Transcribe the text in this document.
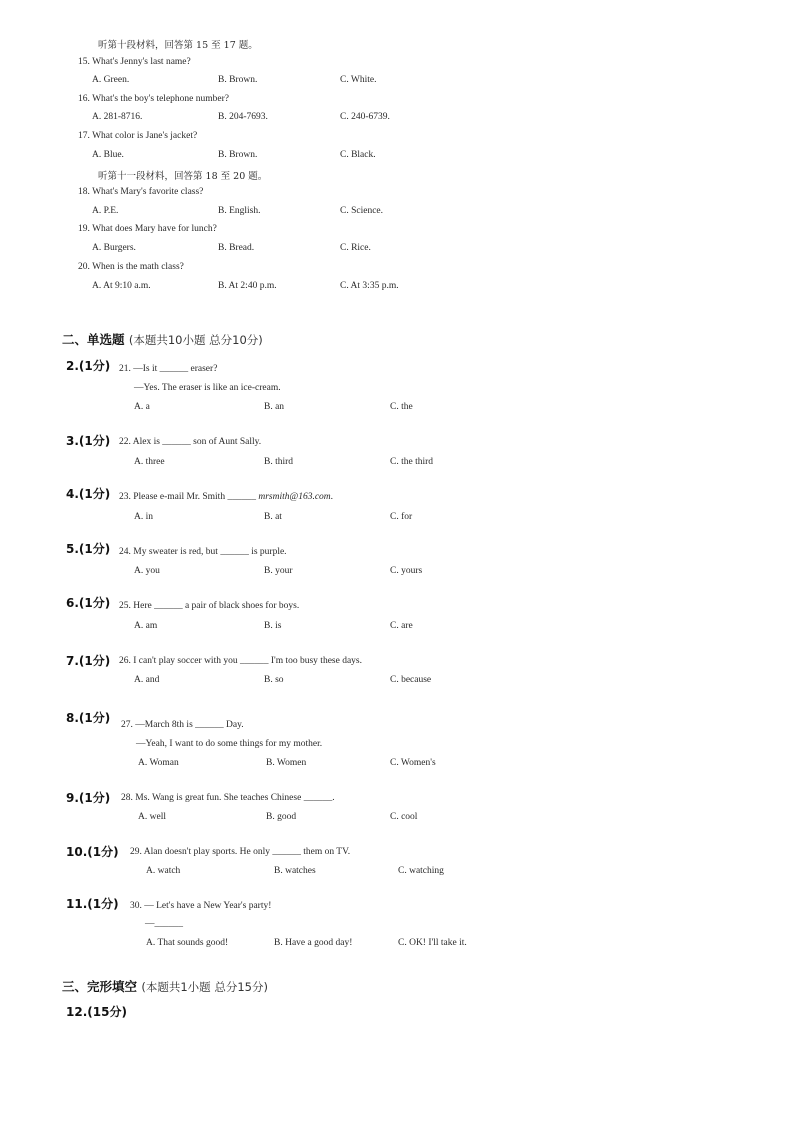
听第十段材料，回答第 15 至 17 题。
15. What's Jenny's last name?
A. Green.	B. Brown.	C. White.
16. What's the boy's telephone number?
A. 281-8716.	B. 204-7693.	C. 240-6739.
17. What color is Jane's jacket?
A. Blue.	B. Brown.	C. Black.
听第十一段材料，回答第 18 至 20 题。
18. What's Mary's favorite class?
A. P.E.	B. English.	C. Science.
19. What does Mary have for lunch?
A. Burgers.	B. Bread.	C. Rice.
20. When is the math class?
A. At 9:10 a.m.	B. At 2:40 p.m.	C. At 3:35 p.m.
二、单选题 (本题共10小题 总分10分)
2.(1分) 21. —Is it ______ eraser?
—Yes. The eraser is like an ice-cream.
A. a	B. an	C. the
3.(1分) 22. Alex is ______ son of Aunt Sally.
A. three	B. third	C. the third
4.(1分) 23. Please e-mail Mr. Smith ______ mrsmith@163.com.
A. in	B. at	C. for
5.(1分) 24. My sweater is red, but ______ is purple.
A. you	B. your	C. yours
6.(1分) 25. Here ______ a pair of black shoes for boys.
A. am	B. is	C. are
7.(1分) 26. I can't play soccer with you ______ I'm too busy these days.
A. and	B. so	C. because
8.(1分) 27. —March 8th is ______ Day.
—Yeah, I want to do some things for my mother.
A. Woman	B. Women	C. Women's
9.(1分) 28. Ms. Wang is great fun. She teaches Chinese ______.
A. well	B. good	C. cool
10.(1分) 29. Alan doesn't play sports. He only ______ them on TV.
A. watch	B. watches	C. watching
11.(1分) 30. — Let's have a New Year's party!
—______
A. That sounds good!	B. Have a good day!	C. OK! I'll take it.
三、完形填空 (本题共1小题 总分15分)
12.(15分)
